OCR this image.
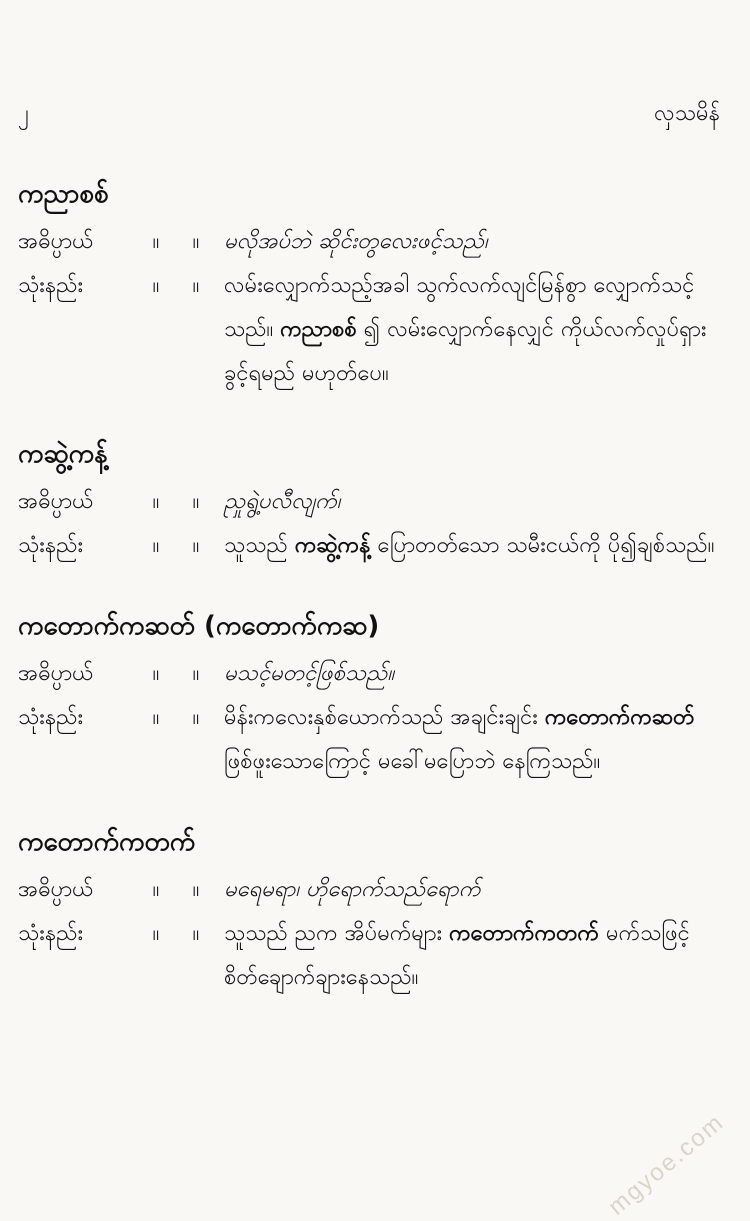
၂	လှသမိန်
ကညာစစ်
အဓိပ္ပာယ်	။	။	မလိုအပ်ဘဲ ဆိုင်းတွလေးဖင့်သည်၊
သုံးနည်း	။	။	လမ်းလျှောက်သည့်အခါ သွက်လက်လျင်မြန်စွာ လျှောက်သင့်သည်။ ကညာစစ် ၍ လမ်းလျှောက်နေလျှင် ကိုယ်လက်လှုပ်ရှားခွင့်ရမည် မဟုတ်ပေ။
ကဆွဲ့ကန့်
အဓိပ္ပာယ်	။	။	ညှုရွဲ့ပလီလျက်၊
သုံးနည်း	။	။	သူသည် ကဆွဲ့ကန့် ပြောတတ်သော သမီးငယ်ကို ပို၍ချစ်သည်။
ကတောက်ကဆတ် (ကတောက်ကဆ)
အဓိပ္ပာယ်	။	။	မသင့်မတင့်ဖြစ်သည်။
သုံးနည်း	။	။	မိန်းကလေးနှစ်ယောက်သည် အချင်းချင်း ကတောက်ကဆတ် ဖြစ်ဖူးသောကြောင့် မခေါ်မပြောဘဲ နေကြသည်။
ကတောက်ကတက်
အဓိပ္ပာယ်	။	။	မရေမရာ၊ ဟိုရောက်သည်ရောက်
သုံးနည်း	။	။	သူသည် ညက အိပ်မက်များ ကတောက်ကတက် မက်သဖြင့် စိတ်ချောက်ချားနေသည်။
mgyoe.com
